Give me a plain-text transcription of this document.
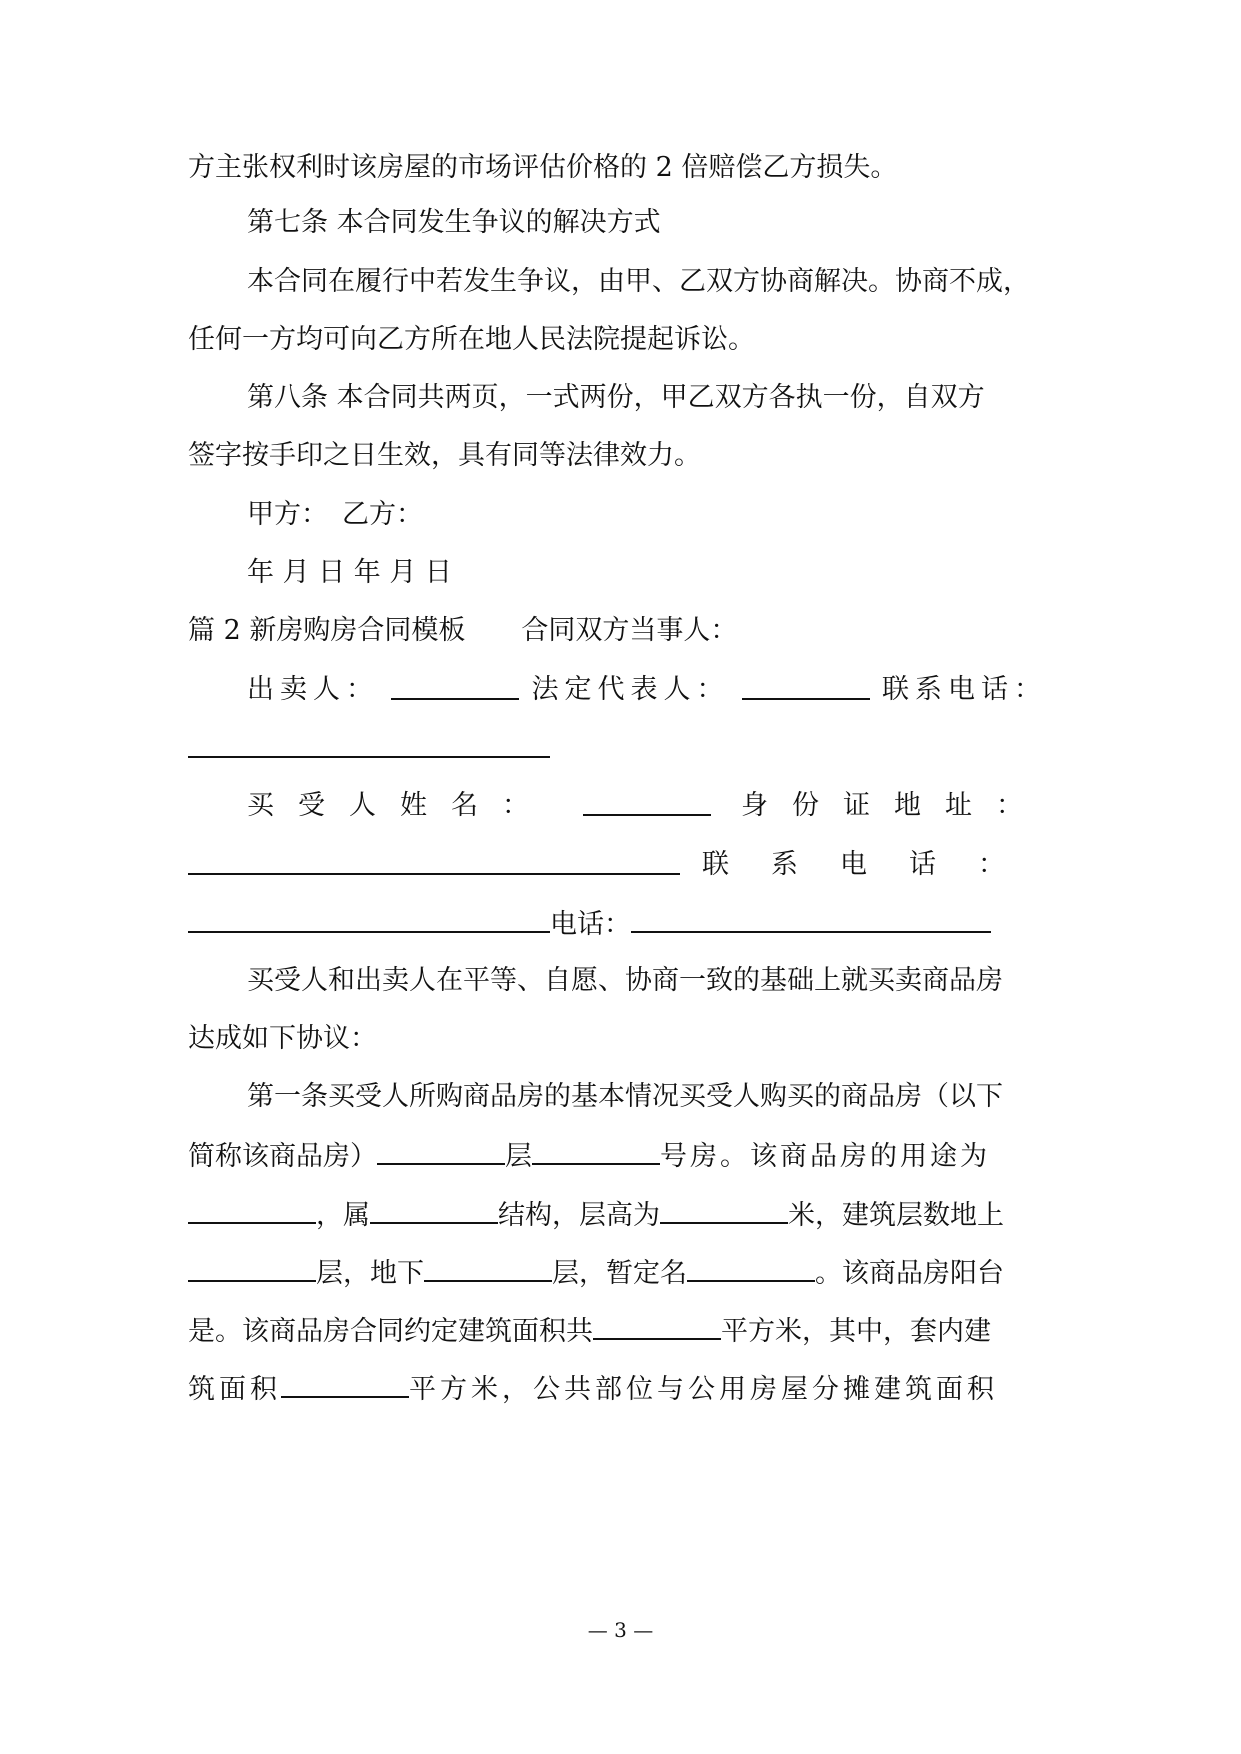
方主张权利时该房屋的市场评估价格的 2 倍赔偿乙方损失。
第七条 本合同发生争议的解决方式
本合同在履行中若发生争议，由甲、乙双方协商解决。协商不成，
任何一方均可向乙方所在地人民法院提起诉讼。
第八条 本合同共两页，一式两份，甲乙双方各执一份，自双方
签字按手印之日生效，具有同等法律效力。
甲方： 乙方：
年 月 日 年 月 日
篇 2 新房购房合同模板 合同双方当事人：
出卖人：	法定代表人：	联系电话：
买受人姓名：	身份证地址：
联系电话：
电话：
买受人和出卖人在平等、自愿、协商一致的基础上就买卖商品房
达成如下协议：
第一条买受人所购商品房的基本情况买受人购买的商品房（以下
简称该商品房）	层	号房。该商品房的用途为
，属	结构，层高为	米，建筑层数地上
层，地下	层，暂定名	。该商品房阳台
是。该商品房合同约定建筑面积共	平方米，其中，套内建
筑面积	平方米，公共部位与公用房屋分摊建筑面积
— 3 —
